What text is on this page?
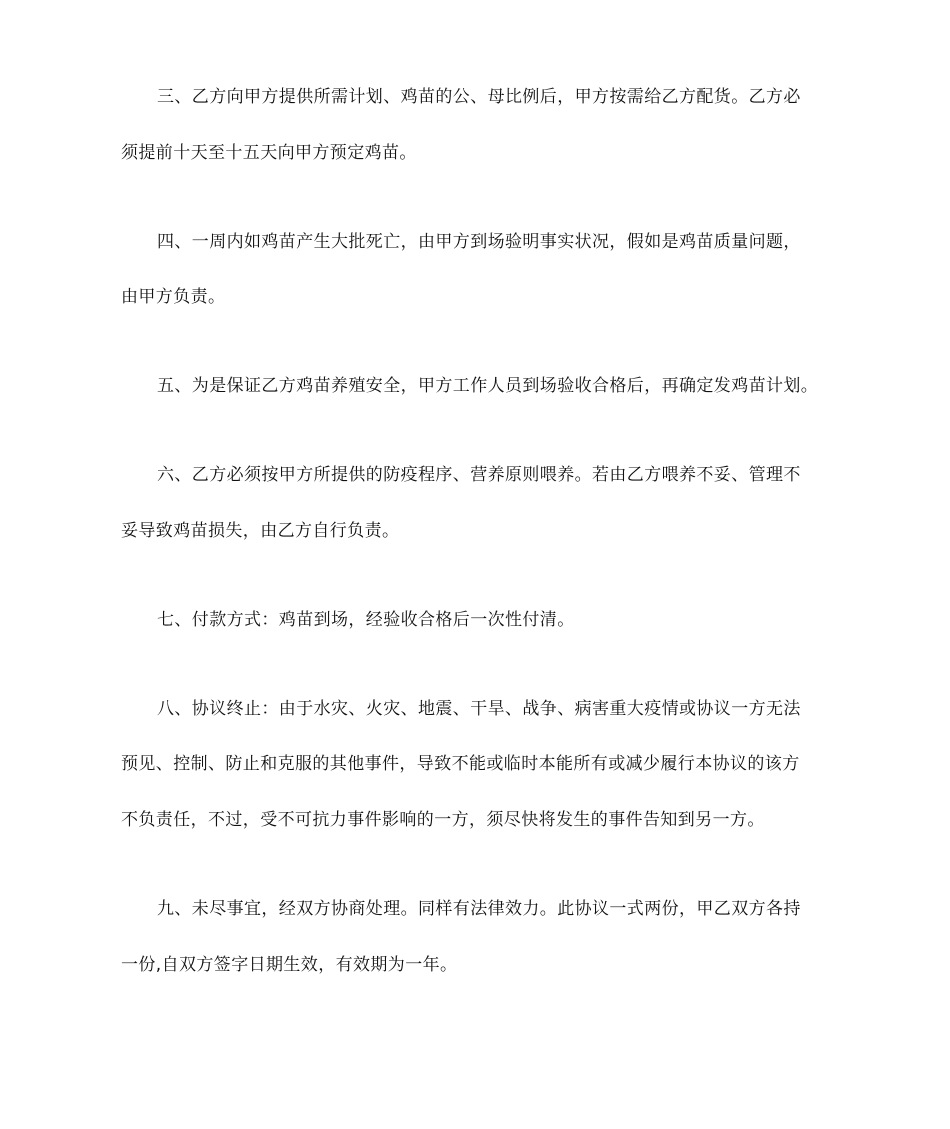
三、乙方向甲方提供所需计划、鸡苗的公、母比例后，甲方按需给乙方配货。乙方必

须提前十天至十五天向甲方预定鸡苗。

四、一周内如鸡苗产生大批死亡，由甲方到场验明事实状况，假如是鸡苗质量问题，

由甲方负责。

五、为是保证乙方鸡苗养殖安全，甲方工作人员到场验收合格后，再确定发鸡苗计划。

六、乙方必须按甲方所提供的防疫程序、营养原则喂养。若由乙方喂养不妥、管理不

妥导致鸡苗损失，由乙方自行负责。

七、付款方式：鸡苗到场，经验收合格后一次性付清。

八、协议终止：由于水灾、火灾、地震、干旱、战争、病害重大疫情或协议一方无法

预见、控制、防止和克服的其他事件，导致不能或临时本能所有或减少履行本协议的该方

不负责任，不过，受不可抗力事件影响的一方，须尽快将发生的事件告知到另一方。

九、未尽事宜，经双方协商处理。同样有法律效力。此协议一式两份，甲乙双方各持

一份,自双方签字日期生效，有效期为一年。
